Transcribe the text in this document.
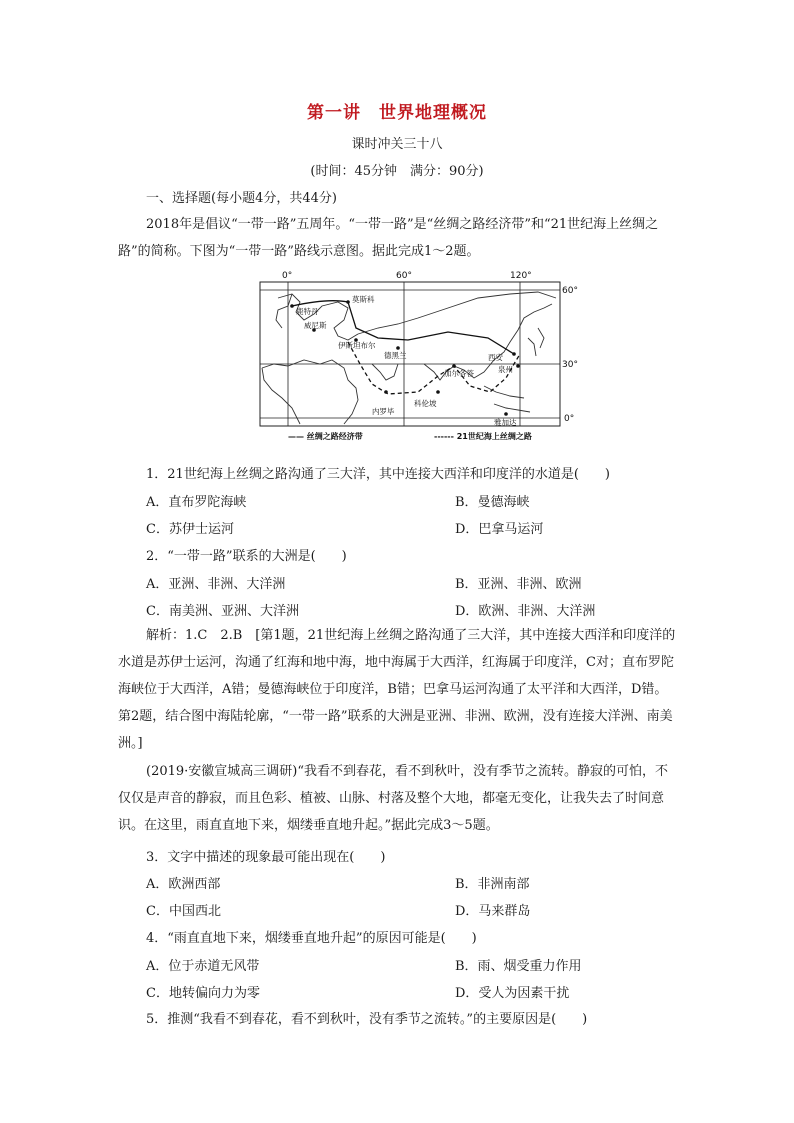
第一讲　世界地理概况
课时冲关三十八
(时间：45分钟　满分：90分)
一、选择题(每小题4分，共44分)
2018年是倡议“一带一路”五周年。“一带一路”是“丝绸之路经济带”和“21世纪海上丝绸之路”的简称。下图为“一带一路”路线示意图。据此完成1～2题。
0°	60°	120°
60°
30°
0°
莫斯科
鹿特丹
威尼斯
伊斯坦布尔
德黑兰	西安
泉州
加尔各答
科伦坡
内罗毕
雅加达
—— 丝绸之路经济带	------ 21世纪海上丝绸之路
1．21世纪海上丝绸之路沟通了三大洋，其中连接大西洋和印度洋的水道是(　　)
A．直布罗陀海峡	B．曼德海峡
C．苏伊士运河	D．巴拿马运河
2．“一带一路”联系的大洲是(　　)
A．亚洲、非洲、大洋洲	B．亚洲、非洲、欧洲
C．南美洲、亚洲、大洋洲	D．欧洲、非洲、大洋洲
解析：1.C　2.B　[第1题，21世纪海上丝绸之路沟通了三大洋，其中连接大西洋和印度洋的水道是苏伊士运河，沟通了红海和地中海，地中海属于大西洋，红海属于印度洋，C对；直布罗陀海峡位于大西洋，A错；曼德海峡位于印度洋，B错；巴拿马运河沟通了太平洋和大西洋，D错。第2题，结合图中海陆轮廓，“一带一路”联系的大洲是亚洲、非洲、欧洲，没有连接大洋洲、南美洲。]
(2019·安徽宣城高三调研)“我看不到春花，看不到秋叶，没有季节之流转。静寂的可怕，不仅仅是声音的静寂，而且色彩、植被、山脉、村落及整个大地，都毫无变化，让我失去了时间意识。在这里，雨直直地下来，烟缕垂直地升起。”据此完成3～5题。
3．文字中描述的现象最可能出现在(　　)
A．欧洲西部	B．非洲南部
C．中国西北	D．马来群岛
4．“雨直直地下来，烟缕垂直地升起”的原因可能是(　　)
A．位于赤道无风带	B．雨、烟受重力作用
C．地转偏向力为零	D．受人为因素干扰
5．推测“我看不到春花，看不到秋叶，没有季节之流转。”的主要原因是(　　)
